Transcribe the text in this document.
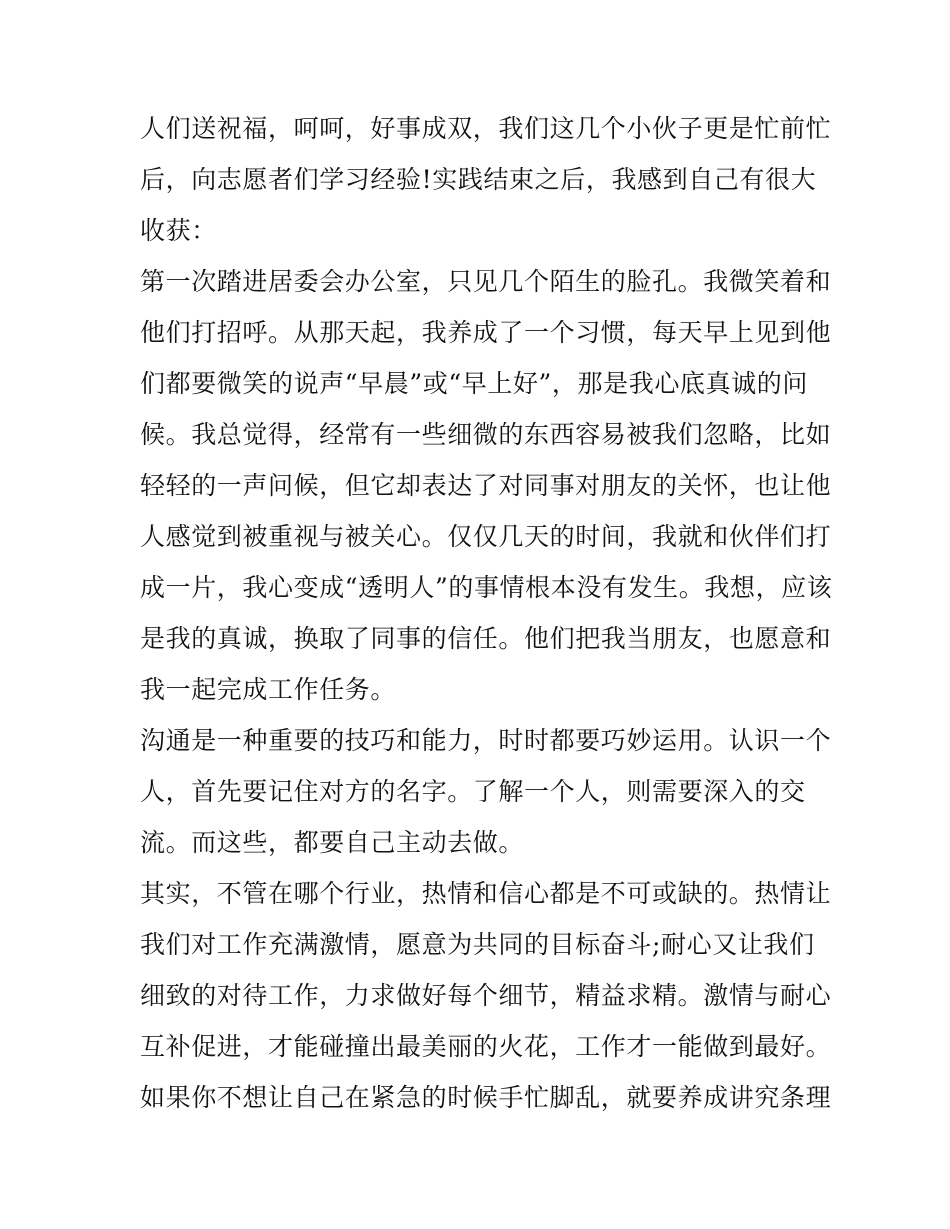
人们送祝福，呵呵，好事成双，我们这几个小伙子更是忙前忙
后，向志愿者们学习经验!实践结束之后，我感到自己有很大
收获：
第一次踏进居委会办公室，只见几个陌生的脸孔。我微笑着和
他们打招呼。从那天起，我养成了一个习惯，每天早上见到他
们都要微笑的说声“早晨”或“早上好”，那是我心底真诚的问
候。我总觉得，经常有一些细微的东西容易被我们忽略，比如
轻轻的一声问候，但它却表达了对同事对朋友的关怀，也让他
人感觉到被重视与被关心。仅仅几天的时间，我就和伙伴们打
成一片，我心变成“透明人”的事情根本没有发生。我想，应该
是我的真诚，换取了同事的信任。他们把我当朋友，也愿意和
我一起完成工作任务。
沟通是一种重要的技巧和能力，时时都要巧妙运用。认识一个
人，首先要记住对方的名字。了解一个人，则需要深入的交
流。而这些，都要自己主动去做。
其实，不管在哪个行业，热情和信心都是不可或缺的。热情让
我们对工作充满激情，愿意为共同的目标奋斗;耐心又让我们
细致的对待工作，力求做好每个细节，精益求精。激情与耐心
互补促进，才能碰撞出最美丽的火花，工作才一能做到最好。
如果你不想让自己在紧急的时候手忙脚乱，就要养成讲究条理
